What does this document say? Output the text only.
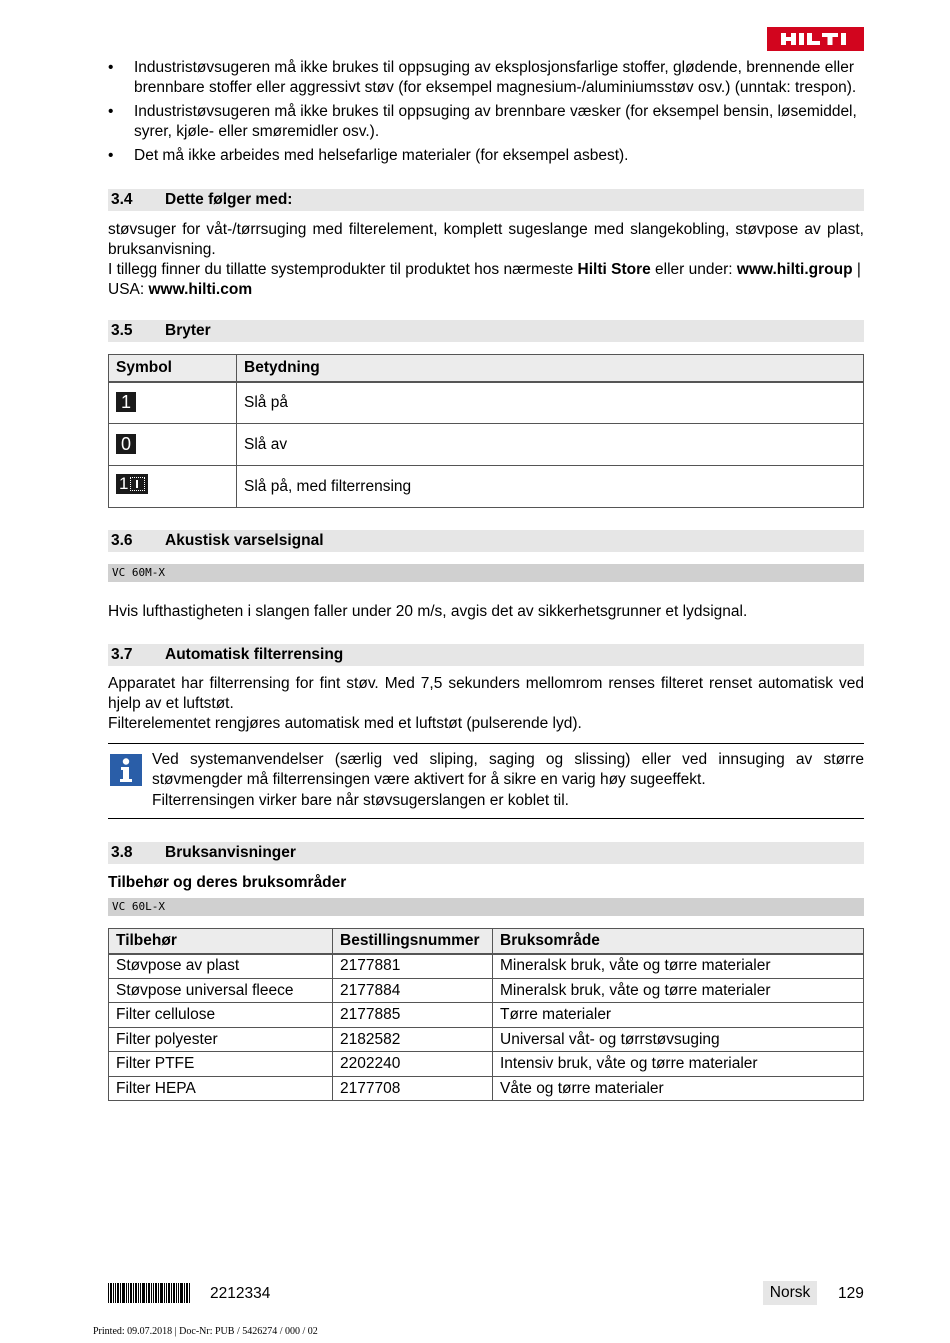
• Industristøvsugeren må ikke brukes til oppsuging av eksplosjonsfarlige stoffer, glødende, brennende eller brennbare stoffer eller aggressivt støv (for eksempel magnesium-/aluminiumsstøv osv.) (unntak: trespon).
• Industristøvsugeren må ikke brukes til oppsuging av brennbare væsker (for eksempel bensin, løsemiddel, syrer, kjøle- eller smøremidler osv.).
• Det må ikke arbeides med helsefarlige materialer (for eksempel asbest).
3.4 Dette følger med:
støvsuger for våt-/tørrsuging med filterelement, komplett sugeslange med slangekobling, støvpose av plast, bruksanvisning.
I tillegg finner du tillatte systemprodukter til produktet hos nærmeste Hilti Store eller under: www.hilti.group | USA: www.hilti.com
3.5 Bryter
Symbol	Betydning
1	Slå på
0	Slå av

1	Slå på, med filterrensing
3.6 Akustisk varselsignal
VC 60M-X
Hvis lufthastigheten i slangen faller under 20 m/s, avgis det av sikkerhetsgrunner et lydsignal.
3.7 Automatisk filterrensing
Apparatet har filterrensing for fint støv. Med 7,5 sekunders mellomrom renses filteret renset automatisk ved hjelp av et luftstøt.
Filterelementet rengjøres automatisk med et luftstøt (pulserende lyd).
Ved systemanvendelser (særlig ved sliping, saging og slissing) eller ved innsuging av større støvmengder må filterrensingen være aktivert for å sikre en varig høy sugeeffekt.
Filterrensingen virker bare når støvsugerslangen er koblet til.
3.8 Bruksanvisninger
Tilbehør og deres bruksområder
VC 60L-X
Tilbehør	Bestillingsnummer	Bruksområde
Støvpose av plast	2177881	Mineralsk bruk, våte og tørre materialer
Støvpose universal fleece	2177884	Mineralsk bruk, våte og tørre materialer
Filter cellulose	2177885	Tørre materialer
Filter polyester	2182582	Universal våt- og tørrstøvsuging
Filter PTFE	2202240	Intensiv bruk, våte og tørre materialer
Filter HEPA	2177708	Våte og tørre materialer
2212334	Norsk	129
Printed: 09.07.2018 | Doc-Nr: PUB / 5426274 / 000 / 02
